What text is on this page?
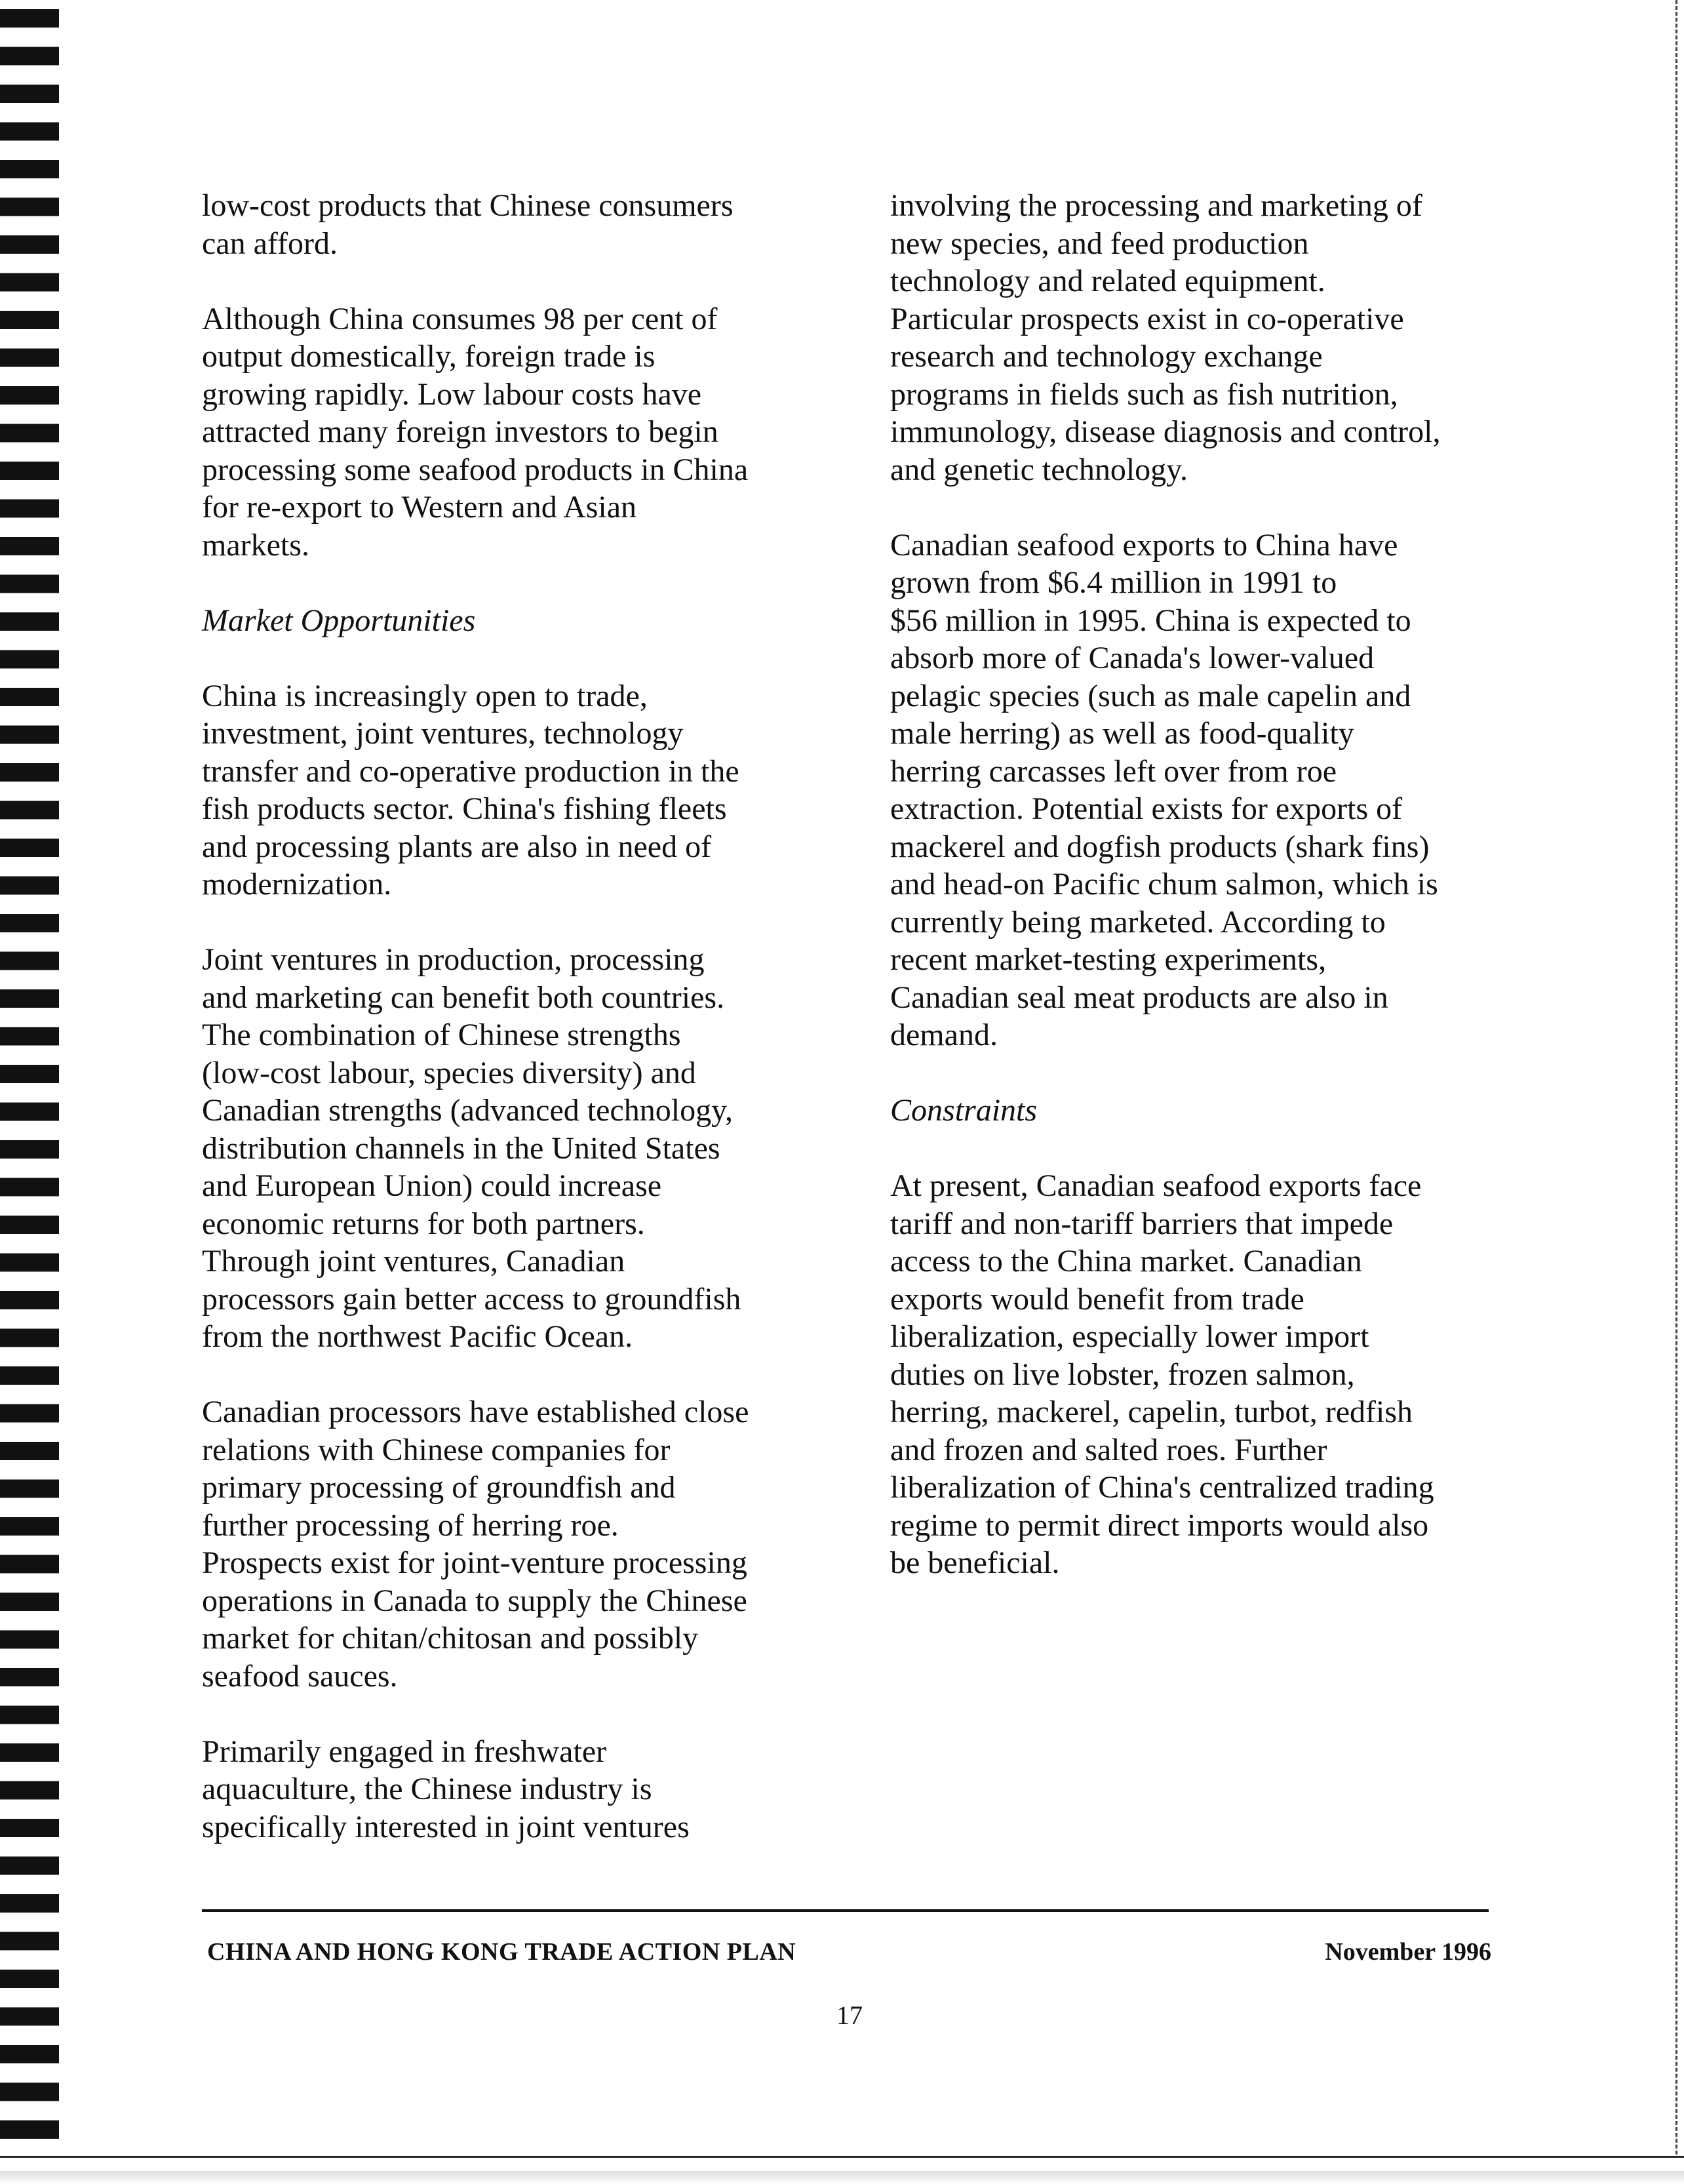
low-cost products that Chinese consumers
can afford.

Although China consumes 98 per cent of
output domestically, foreign trade is
growing rapidly. Low labour costs have
attracted many foreign investors to begin
processing some seafood products in China
for re-export to Western and Asian
markets.

Market Opportunities

China is increasingly open to trade,
investment, joint ventures, technology
transfer and co-operative production in the
fish products sector. China's fishing fleets
and processing plants are also in need of
modernization.

Joint ventures in production, processing
and marketing can benefit both countries.
The combination of Chinese strengths
(low-cost labour, species diversity) and
Canadian strengths (advanced technology,
distribution channels in the United States
and European Union) could increase
economic returns for both partners.
Through joint ventures, Canadian
processors gain better access to groundfish
from the northwest Pacific Ocean.

Canadian processors have established close
relations with Chinese companies for
primary processing of groundfish and
further processing of herring roe.
Prospects exist for joint-venture processing
operations in Canada to supply the Chinese
market for chitan/chitosan and possibly
seafood sauces.

Primarily engaged in freshwater
aquaculture, the Chinese industry is
specifically interested in joint ventures

involving the processing and marketing of
new species, and feed production
technology and related equipment.
Particular prospects exist in co-operative
research and technology exchange
programs in fields such as fish nutrition,
immunology, disease diagnosis and control,
and genetic technology.

Canadian seafood exports to China have
grown from $6.4 million in 1991 to
$56 million in 1995. China is expected to
absorb more of Canada's lower-valued
pelagic species (such as male capelin and
male herring) as well as food-quality
herring carcasses left over from roe
extraction. Potential exists for exports of
mackerel and dogfish products (shark fins)
and head-on Pacific chum salmon, which is
currently being marketed. According to
recent market-testing experiments,
Canadian seal meat products are also in
demand.

Constraints

At present, Canadian seafood exports face
tariff and non-tariff barriers that impede
access to the China market. Canadian
exports would benefit from trade
liberalization, especially lower import
duties on live lobster, frozen salmon,
herring, mackerel, capelin, turbot, redfish
and frozen and salted roes. Further
liberalization of China's centralized trading
regime to permit direct imports would also
be beneficial.

CHINA AND HONG KONG TRADE ACTION PLAN	November 1996
17
